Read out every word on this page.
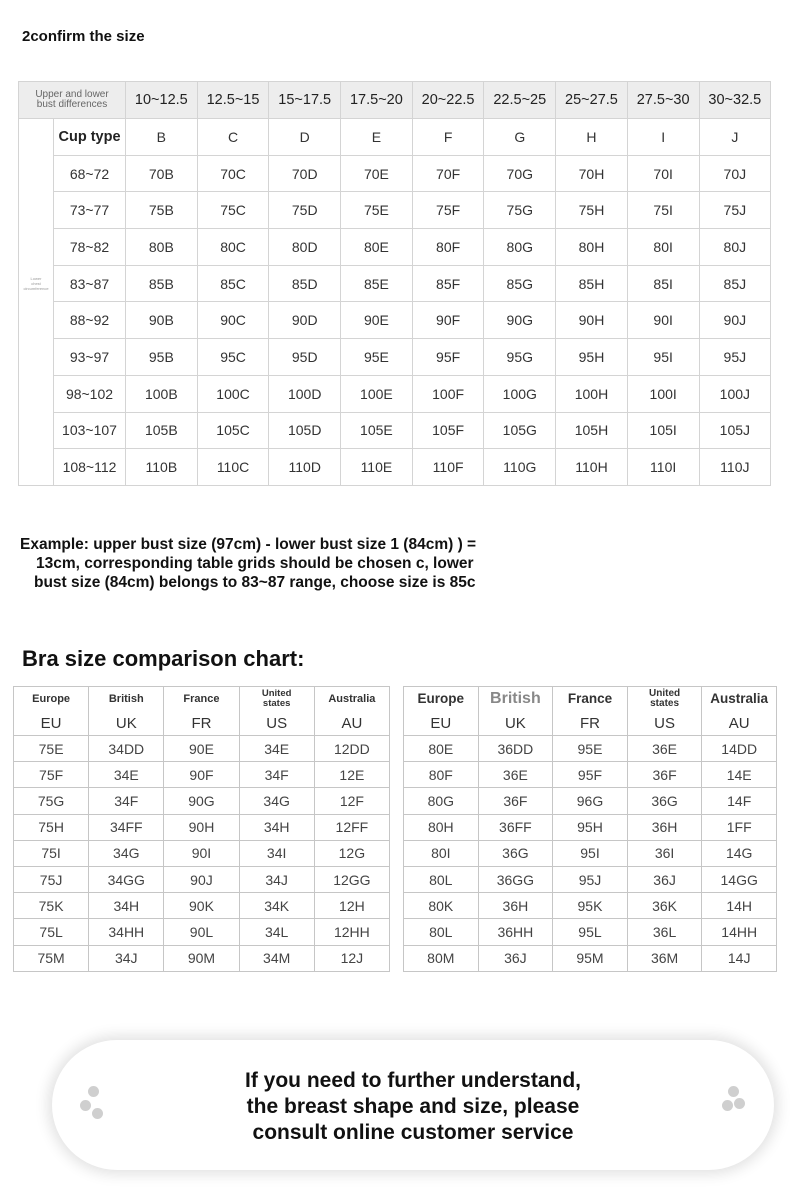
2confirm the size
Upper and lower
bust differences		10~12.5	12.5~15	15~17.5	17.5~20	20~22.5	22.5~25	25~27.5	27.5~30	30~32.5
	Cup type	B	C	D	E	F	G	H	I	J
	68~72	70B	70C	70D	70E	70F	70G	70H	70I	70J
	73~77	75B	75C	75D	75E	75F	75G	75H	75I	75J
	78~82	80B	80C	80D	80E	80F	80G	80H	80I	80J

Lower
chest
circumference	83~87	85B	85C	85D	85E	85F	85G	85H	85I	85J
	88~92	90B	90C	90D	90E	90F	90G	90H	90I	90J
	93~97	95B	95C	95D	95E	95F	95G	95H	95I	95J
	98~102	100B	100C	100D	100E	100F	100G	100H	100I	100J
	103~107	105B	105C	105D	105E	105F	105G	105H	105I	105J
	108~112	110B	110C	110D	110E	110F	110G	110H	110I	110J
Example: upper bust size (97cm) - lower bust size 1 (84cm) ) =
13cm, corresponding table grids should be chosen c, lower
bust size (84cm) belongs to 83~87 range, choose size is 85c
Bra size comparison chart:
Europe	British	France	United
states	Australia

EU	UK	FR	US	AU
75E	34DD	90E	34E	12DD
75F	34E	90F	34F	12E
75G	34F	90G	34G	12F
75H	34FF	90H	34H	12FF
75I	34G	90I	34I	12G
75J	34GG	90J	34J	12GG
75K	34H	90K	34K	12H
75L	34HH	90L	34L	12HH
75M	34J	90M	34M	12J
Europe	British	France	United
states	Australia

EU	UK	FR	US	AU
80E	36DD	95E	36E	14DD
80F	36E	95F	36F	14E
80G	36F	96G	36G	14F
80H	36FF	95H	36H	1FF
80I	36G	95I	36I	14G
80L	36GG	95J	36J	14GG
80K	36H	95K	36K	14H
80L	36HH	95L	36L	14HH
80M	36J	95M	36M	14J
If you need to further understand,
the breast shape and size, please
consult online customer service
